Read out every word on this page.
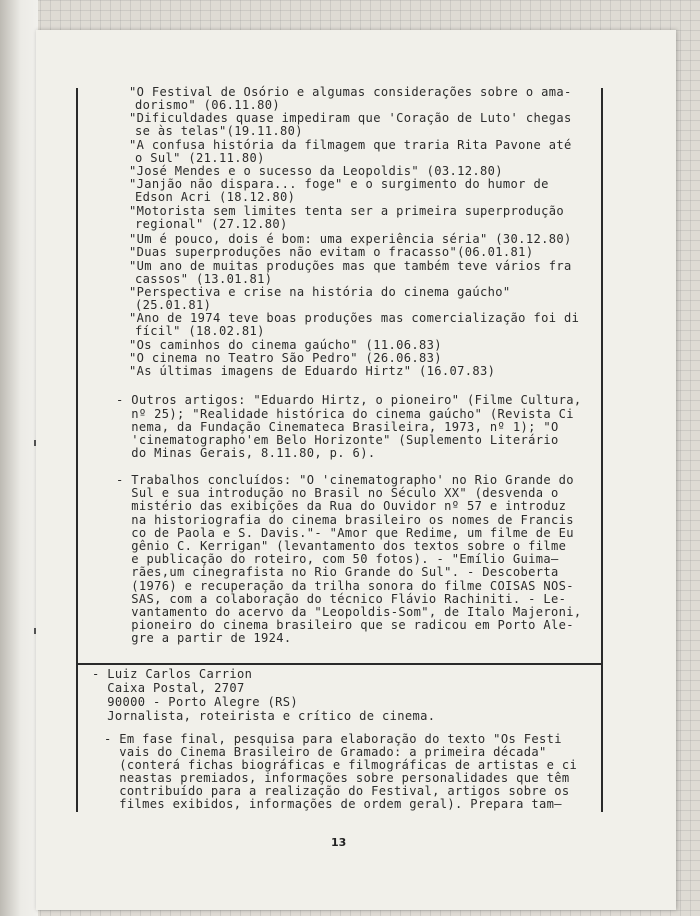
"O Festival de Osório e algumas considerações sobre o ama-
dorismo" (06.11.80)
"Dificuldades quase impediram que 'Coração de Luto' chegas
se às telas"(19.11.80)
"A confusa história da filmagem que traria Rita Pavone até
o Sul" (21.11.80)
"José Mendes e o sucesso da Leopoldis" (03.12.80)
"Janjão não dispara... foge" e o surgimento do humor de
Edson Acri (18.12.80)
"Motorista sem limites tenta ser a primeira superprodução
regional" (27.12.80)
"Um é pouco, dois é bom: uma experiência séria" (30.12.80)
"Duas superproduções não evitam o fracasso"(06.01.81)
"Um ano de muitas produções mas que também teve vários fra
cassos" (13.01.81)
"Perspectiva e crise na história do cinema gaúcho"
(25.01.81)
"Ano de 1974 teve boas produções mas comercialização foi di
fícil" (18.02.81)
"Os caminhos do cinema gaúcho" (11.06.83)
"O cinema no Teatro São Pedro" (26.06.83)
"As últimas imagens de Eduardo Hirtz" (16.07.83)
- Outros artigos: "Eduardo Hirtz, o pioneiro" (Filme Cultura,
nº 25); "Realidade histórica do cinema gaúcho" (Revista Ci
nema, da Fundação Cinemateca Brasileira, 1973, nº 1); "O
'cinematographo'em Belo Horizonte" (Suplemento Literário
do Minas Gerais, 8.11.80, p. 6).
- Trabalhos concluídos: "O 'cinematographo' no Rio Grande do
Sul e sua introdução no Brasil no Século XX" (desvenda o
mistério das exibições da Rua do Ouvidor nº 57 e introduz
na historiografia do cinema brasileiro os nomes de Francis
co de Paola e S. Davis."- "Amor que Redime, um filme de Eu
gênio C. Kerrigan" (levantamento dos textos sobre o filme
e publicação do roteiro, com 50 fotos). - "Emílio Guima—
rães,um cinegrafista no Rio Grande do Sul". - Descoberta
(1976) e recuperação da trilha sonora do filme COISAS NOS-
SAS, com a colaboração do técnico Flávio Rachiniti. - Le-
vantamento do acervo da "Leopoldis-Som", de Italo Majeroni,
pioneiro do cinema brasileiro que se radicou em Porto Ale-
gre a partir de 1924.
- Luiz Carlos Carrion
Caixa Postal, 2707
90000 - Porto Alegre (RS)
Jornalista, roteirista e crítico de cinema.
- Em fase final, pesquisa para elaboração do texto "Os Festi
vais do Cinema Brasileiro de Gramado: a primeira década"
(conterá fichas biográficas e filmográficas de artistas e ci
neastas premiados, informações sobre personalidades que têm
contribuído para a realização do Festival, artigos sobre os
filmes exibidos, informações de ordem geral). Prepara tam—
13
